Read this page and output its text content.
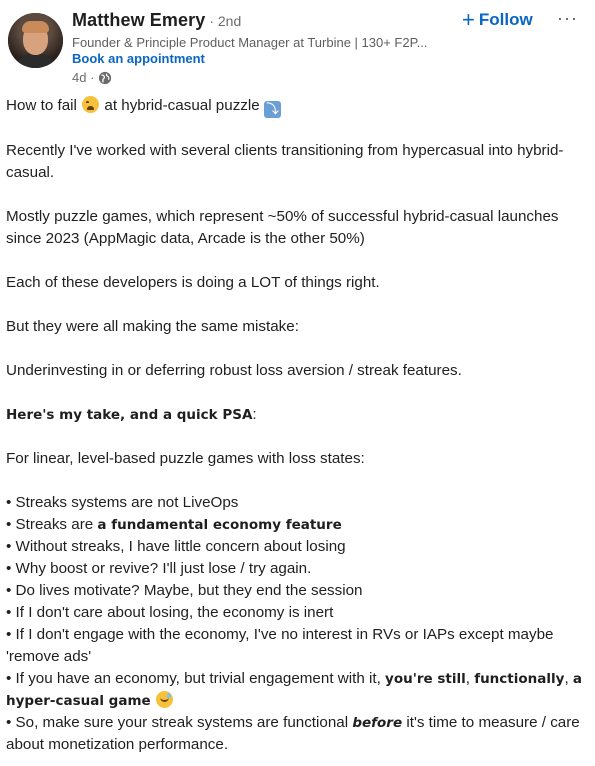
Matthew Emery · 2nd
Founder & Principle Product Manager at Turbine | 130+ F2P...
Book an appointment
4d ·
+ Follow ···

How to fail at hybrid-casual puzzle ⤵

Recently I've worked with several clients transitioning from hypercasual into hybrid-casual.

Mostly puzzle games, which represent ~50% of successful hybrid-casual launches since 2023 (AppMagic data, Arcade is the other 50%)

Each of these developers is doing a LOT of things right.

But they were all making the same mistake:

Underinvesting in or deferring robust loss aversion / streak features.

Here's my take, and a quick PSA:

For linear, level-based puzzle games with loss states:

• Streaks systems are not LiveOps

• Streaks are a fundamental economy feature

• Without streaks, I have little concern about losing

• Why boost or revive? I'll just lose / try again.

• Do lives motivate? Maybe, but they end the session

• If I don't care about losing, the economy is inert

• If I don't engage with the economy, I've no interest in RVs or IAPs except maybe 'remove ads'

• If you have an economy, but trivial engagement with it, you're still, functionally, a hyper-casual game

• So, make sure your streak systems are functional before it's time to measure / care about monetization performance.
